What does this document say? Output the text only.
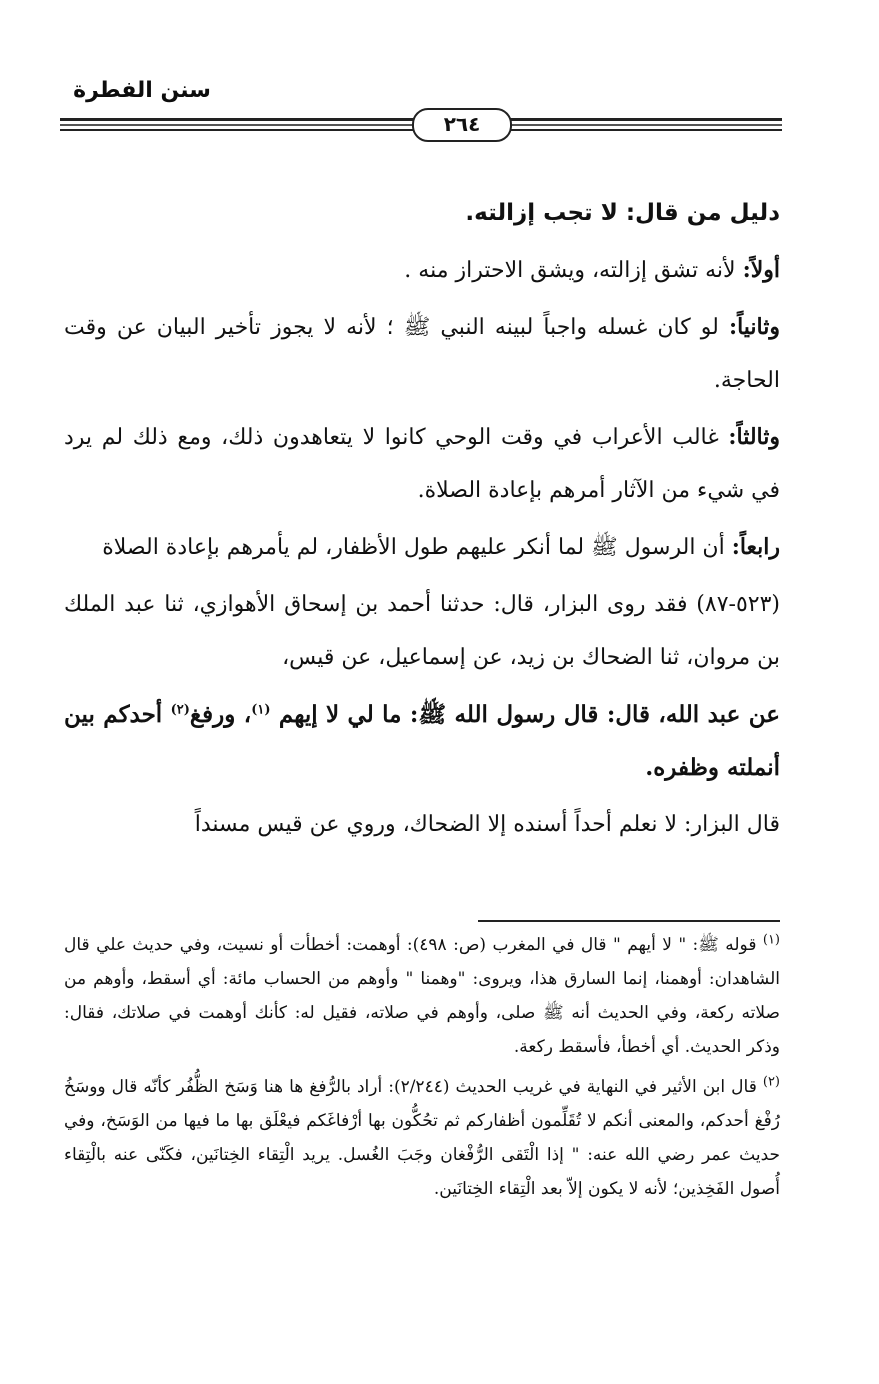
سنن الفطرة
٢٦٤
دليل من قال: لا تجب إزالته.

أولاً: لأنه تشق إزالته، ويشق الاحتراز منه .

وثانياً: لو كان غسله واجباً لبينه النبي ﷺ ؛ لأنه لا يجوز تأخير البيان عن وقت الحاجة.

وثالثاً: غالب الأعراب في وقت الوحي كانوا لا يتعاهدون ذلك، ومع ذلك لم يرد في شيء من الآثار أمرهم بإعادة الصلاة.

رابعاً: أن الرسول ﷺ لما أنكر عليهم طول الأظفار، لم يأمرهم بإعادة الصلاة

(٥٢٣-٨٧) فقد روى البزار، قال: حدثنا أحمد بن إسحاق الأهوازي، ثنا عبد الملك بن مروان، ثنا الضحاك بن زيد، عن إسماعيل، عن قيس،

عن عبد الله، قال: قال رسول الله ﷺ: ما لي لا إيهم $^{(١)}$، ورفغ$^{(٢)}$ أحدكم بين أنملته وظفره.

قال البزار: لا نعلم أحداً أسنده إلا الضحاك، وروي عن قيس مسنداً

$^{(١)}$ قوله ﷺ: " لا أيهم " قال في المغرب (ص: ٤٩٨): أوهمت: أخطأت أو نسيت، وفي حديث علي قال الشاهدان: أوهمنا، إنما السارق هذا، ويروى: "وهمنا " وأوهم من الحساب مائة: أي أسقط، وأوهم من صلاته ركعة، وفي الحديث أنه ﷺ صلى، وأوهم في صلاته، فقيل له: كأنك أوهمت في صلاتك، فقال: وذكر الحديث. أي أخطأ، فأسقط ركعة.

$^{(٢)}$ قال ابن الأثير في النهاية في غريب الحديث (٢/٢٤٤): أراد بالرُّفغ ها هنا وَسَخ الظُّفُر كأنّه قال ووسَخُ رُفْغ أحدكم، والمعنى أنكم لا تُقَلِّمون أظفاركم ثم تحُكُّون بها أرْفاغَكم فيعْلَق بها ما فيها من الوَسَخ، وفي حديث عمر رضي الله عنه: " إذا الْتَقى الرُّفْغان وجَبَ الغُسل. يريد الْتِقاء الخِتانَين، فكَنّى عنه بالْتِقاء أُصول الفَخِذين؛ لأنه لا يكون إلاّ بعد الْتِقاء الخِتانَين.
